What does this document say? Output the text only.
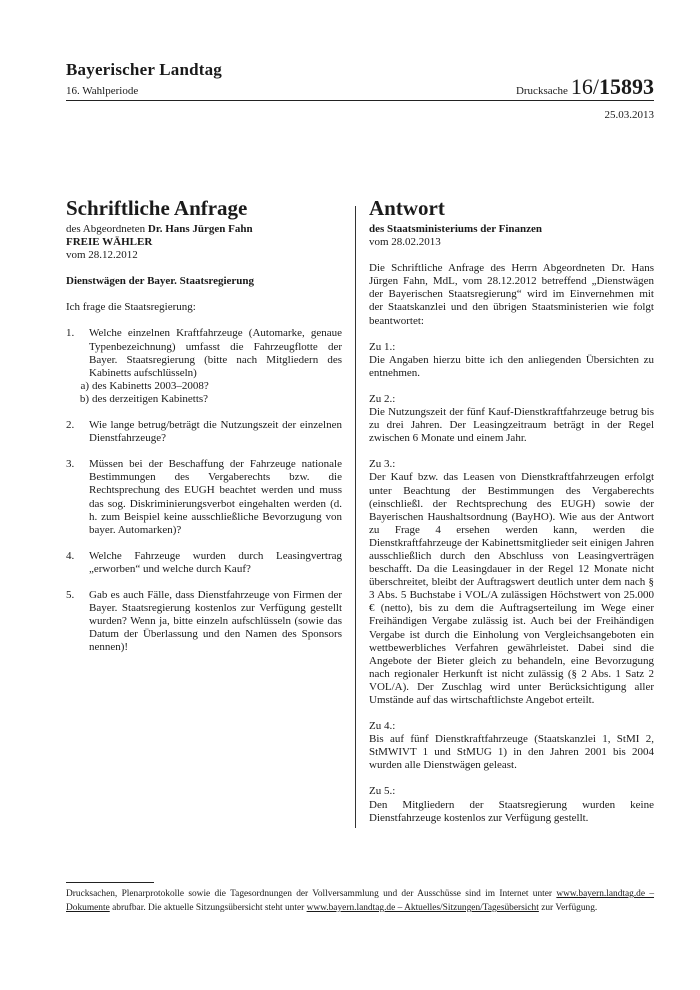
Bayerischer Landtag
16. Wahlperiode	Drucksache 16/15893
25.03.2013
Schriftliche Anfrage

des Abgeordneten Dr. Hans Jürgen Fahn

FREIE WÄHLER

vom 28.12.2012

Dienstwägen der Bayer. Staatsregierung

Ich frage die Staatsregierung:

1.	Welche einzelnen Kraftfahrzeuge (Automarke, genaue Typenbezeichnung) umfasst die Fahrzeugflotte der Bayer. Staatsregierung (bitte nach Mitgliedern des Kabinetts aufschlüsseln)
a) des Kabinetts 2003–2008?
b) des derzeitigen Kabinetts?
2.	Wie lange betrug/beträgt die Nutzungszeit der einzelnen Dienstfahrzeuge?
3.	Müssen bei der Beschaffung der Fahrzeuge nationale Bestimmungen des Vergaberechts bzw. die Rechtsprechung des EUGH beachtet werden und muss das sog. Diskriminierungsverbot eingehalten werden (d. h. zum Beispiel keine ausschließliche Bevorzugung von bayer. Automarken)?
4.	Welche Fahrzeuge wurden durch Leasingvertrag „erworben“ und welche durch Kauf?
5.	Gab es auch Fälle, dass Dienstfahrzeuge von Firmen der Bayer. Staatsregierung kostenlos zur Verfügung gestellt wurden? Wenn ja, bitte einzeln aufschlüsseln (sowie das Datum der Überlassung und den Namen des Sponsors nennen)!
Antwort

des Staatsministeriums der Finanzen

vom 28.02.2013

Die Schriftliche Anfrage des Herrn Abgeordneten Dr. Hans Jürgen Fahn, MdL, vom 28.12.2012 betreffend „Dienstwägen der Bayerischen Staatsregierung“ wird im Einvernehmen mit der Staatskanzlei und den übrigen Staatsministerien wie folgt beantwortet:

Zu 1.:

Die Angaben hierzu bitte ich den anliegenden Übersichten zu entnehmen.

Zu 2.:

Die Nutzungszeit der fünf Kauf-Dienstkraftfahrzeuge betrug bis zu drei Jahren. Der Leasingzeitraum beträgt in der Regel zwischen 6 Monate und einem Jahr.

Zu 3.:

Der Kauf bzw. das Leasen von Dienstkraftfahrzeugen erfolgt unter Beachtung der Bestimmungen des Vergaberechts (einschließl. der Rechtsprechung des EUGH) sowie der Bayerischen Haushaltsordnung (BayHO). Wie aus der Antwort zu Frage 4 ersehen werden kann, werden die Dienstkraftfahrzeuge der Kabinettsmitglieder seit einigen Jahren ausschließlich durch den Abschluss von Leasingverträgen beschafft. Da die Leasingdauer in der Regel 12 Monate nicht überschreitet, bleibt der Auftragswert deutlich unter dem nach § 3 Abs. 5 Buchstabe i VOL/A zulässigen Höchstwert von 25.000 € (netto), bis zu dem die Auftragserteilung im Wege einer Freihändigen Vergabe zulässig ist. Auch bei der Freihändigen Vergabe ist durch die Einholung von Vergleichsangeboten ein wettbewerbliches Verfahren gewährleistet. Dabei sind die Angebote der Bieter gleich zu behandeln, eine Bevorzugung nach regionaler Herkunft ist nicht zulässig (§ 2 Abs. 1 Satz 2 VOL/A). Der Zuschlag wird unter Berücksichtigung aller Umstände auf das wirtschaftlichste Angebot erteilt.

Zu 4.:

Bis auf fünf Dienstkraftfahrzeuge (Staatskanzlei 1, StMI 2, StMWIVT 1 und StMUG 1) in den Jahren 2001 bis 2004 wurden alle Dienstwägen geleast.

Zu 5.:

Den Mitgliedern der Staatsregierung wurden keine Dienstfahrzeuge kostenlos zur Verfügung gestellt.

Drucksachen, Plenarprotokolle sowie die Tagesordnungen der Vollversammlung und der Ausschüsse sind im Internet unter www.bayern.landtag.de – Dokumente abrufbar. Die aktuelle Sitzungsübersicht steht unter www.bayern.landtag.de – Aktuelles/Sitzungen/Tagesübersicht zur Verfügung.
